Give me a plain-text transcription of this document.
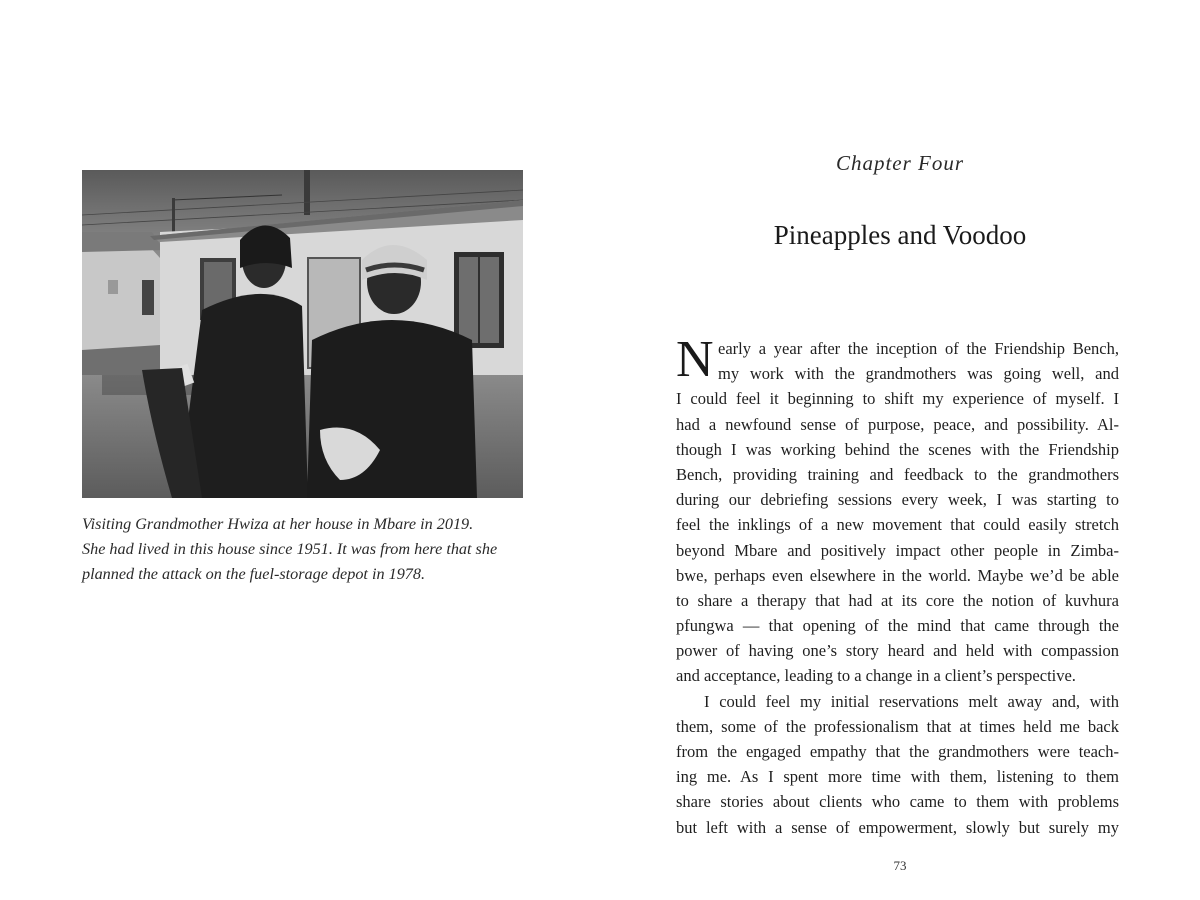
Visiting Grandmother Hwiza at her house in Mbare in 2019.
She had lived in this house since 1951. It was from here that she
planned the attack on the fuel-storage depot in 1978.

Chapter Four
Pineapples and Voodoo
N early a year after the inception of the Friendship Bench,
my work with the grandmothers was going well, and
I could feel it beginning to shift my experience of myself. I
had a newfound sense of purpose, peace, and possibility. Al-
though I was working behind the scenes with the Friendship
Bench, providing training and feedback to the grandmothers
during our debriefing sessions every week, I was starting to
feel the inklings of a new movement that could easily stretch
beyond Mbare and positively impact other people in Zimba-
bwe, perhaps even elsewhere in the world. Maybe we’d be able
to share a therapy that had at its core the notion of kuvhura
pfungwa — that opening of the mind that came through the
power of having one’s story heard and held with compassion
and acceptance, leading to a change in a client’s perspective.
I could feel my initial reservations melt away and, with
them, some of the professionalism that at times held me back
from the engaged empathy that the grandmothers were teach-
ing me. As I spent more time with them, listening to them
share stories about clients who came to them with problems
but left with a sense of empowerment, slowly but surely my
73
